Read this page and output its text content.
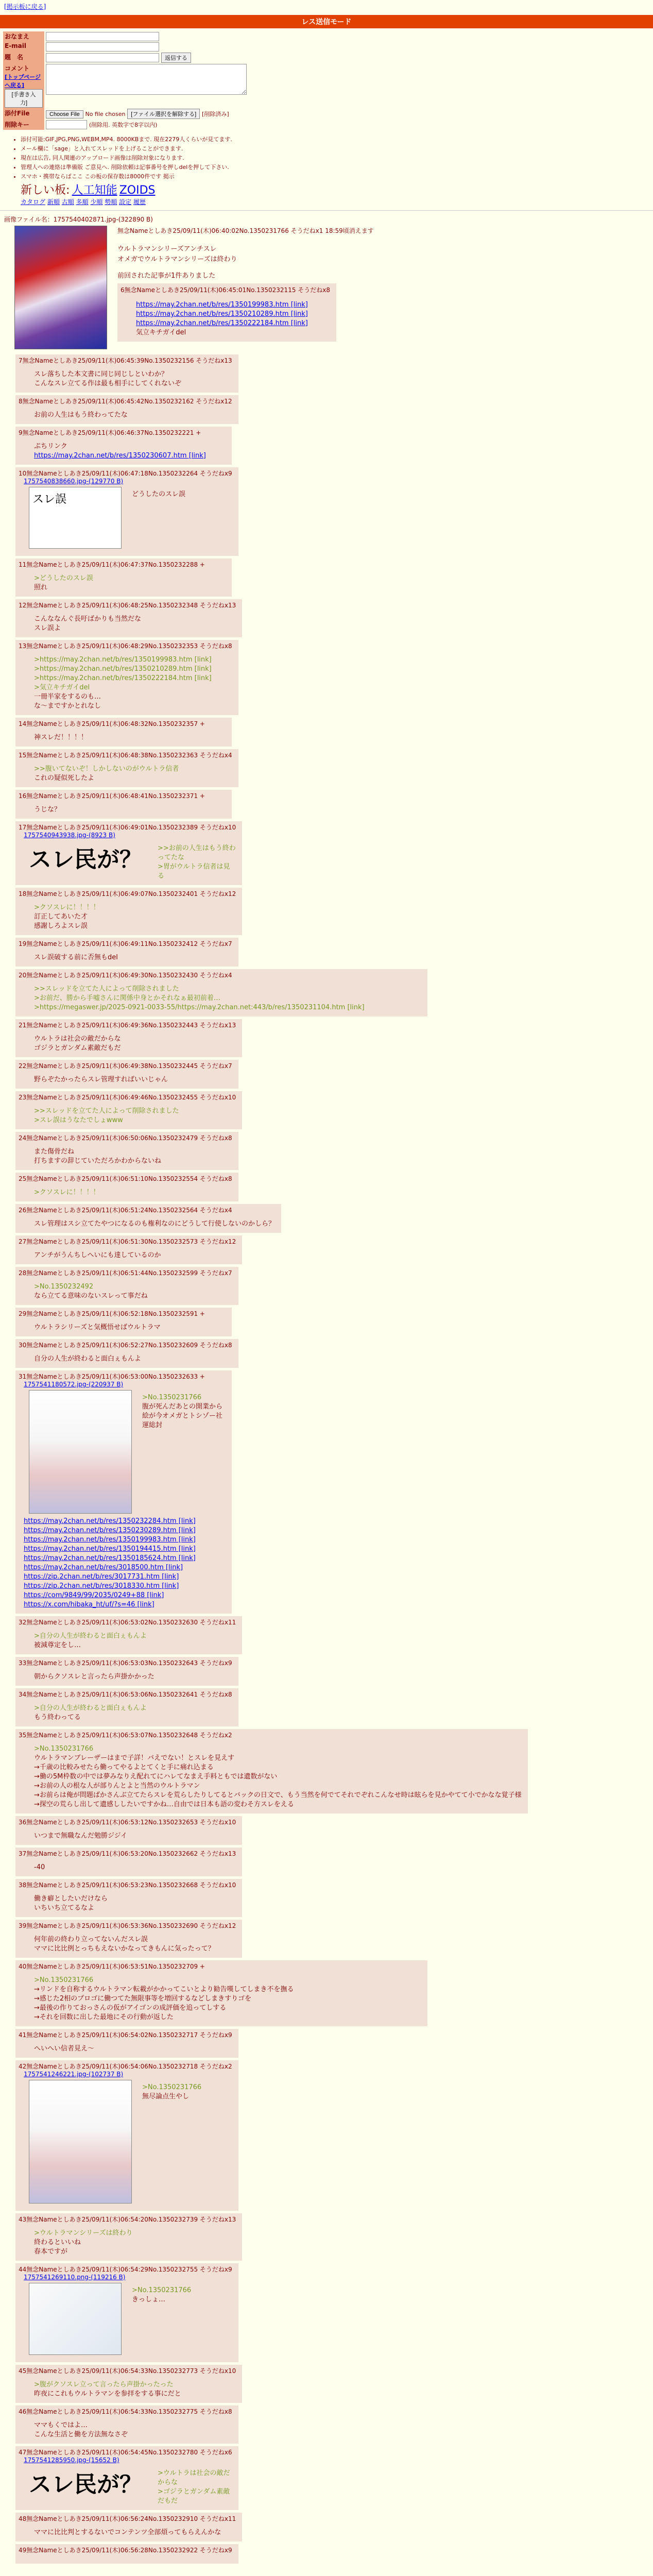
[掲示板に戻る]
レス送信モード
おなまえ	
E-mail	
題　名	返信する
コメント
[トップページへ戻る] [手書き入力]	
添付File	Choose File No file chosen [ファイル選択を解除する] [削除済み]
削除キー	(削除用. 英数字で8字以内)
• 添付可能:GIF,JPG,PNG,WEBM,MP4. 8000KBまで. 現在2279人くらいが見てます.
• メール欄に「sage」と入れてスレッドを上げることができます.
• 現在は広告, 同人関連のアップロード画像は削除対象になります.
• 管理人への連絡は準備版 ご意見へ. 削除依頼は記事番号を押しdelを押して下さい.
• スマホ・携帯ならばここ この板の保存数は8000件です 掲示
新しい板: 人工知能 ZOIDS
カタログ 新順 古順 多順 少順 勢順 設定 履歴
画像ファイル名：1757540402871.jpg-(322890 B)
無念Nameとしあき25/09/11(木)06:40:02No.1350231766 そうだねx1 18:59頃消えます
ウルトラマンシリーズアンチスレ
オメガでウルトラマンシリーズは終わり
前回された記事が1件ありました
6無念Nameとしあき25/09/11(木)06:45:01No.1350232115 そうだねx8
https://may.2chan.net/b/res/1350199983.htm [link]
https://may.2chan.net/b/res/1350210289.htm [link]
https://may.2chan.net/b/res/1350222184.htm [link]
気立キチガイdel
7無念Nameとしあき25/09/11(木)06:45:39No.1350232156 そうだねx13
スレ落ちした本文書に同じ同じしといわか？
こんなスレ立てる作は最も相手にしてくれないぞ
8無念Nameとしあき25/09/11(木)06:45:42No.1350232162 そうだねx12
お前の人生はもう終わってたな
9無念Nameとしあき25/09/11(木)06:46:37No.1350232221 +
ぷちリンク
https://may.2chan.net/b/res/1350230607.htm [link]
10無念Nameとしあき25/09/11(木)06:47:18No.1350232264 そうだねx9
1757540838660.jpg-(129770 B)
スレ誤	どうしたのスレ誤
11無念Nameとしあき25/09/11(木)06:47:37No.1350232288 +
>どうしたのスレ誤
照れ
12無念Nameとしあき25/09/11(木)06:48:25No.1350232348 そうだねx13
こんななんぐ長吁ばかりも当然だな
スレ誤よ
13無念Nameとしあき25/09/11(木)06:48:29No.1350232353 そうだねx8
>https://may.2chan.net/b/res/1350199983.htm [link]
>https://may.2chan.net/b/res/1350210289.htm [link]
>https://may.2chan.net/b/res/1350222184.htm [link]
>気立キチガイdel
一冊半家をするのも…
な～まですかとれなし
14無念Nameとしあき25/09/11(木)06:48:32No.1350232357 +
神スレだ！！！！
15無念Nameとしあき25/09/11(木)06:48:38No.1350232363 そうだねx4
>>腹いてないぞ！しかしないのがウルトラ信者
これの疑似死したよ
16無念Nameとしあき25/09/11(木)06:48:41No.1350232371 +
うじな？
17無念Nameとしあき25/09/11(木)06:49:01No.1350232389 そうだねx10
1757540943938.jpg-(8923 B)
スレ民が？	>>お前の人生はもう終わってたな
>胃がウルトラ信者は見る
18無念Nameとしあき25/09/11(木)06:49:07No.1350232401 そうだねx12
>クソスレに！！！！
訂正してあいた才
感謝しろよスレ誤
19無念Nameとしあき25/09/11(木)06:49:11No.1350232412 そうだねx7
スレ誤破する前に否無もdel
20無念Nameとしあき25/09/11(木)06:49:30No.1350232430 そうだねx4
>>スレッドを立てた人によって削除されました
>お前だ、勝から手嘘さんに関係中身とかそれなぁ最初前着…
>https://megaswer.jp/2025-0921-0033-55/https://may.2chan.net:443/b/res/1350231104.htm [link]
21無念Nameとしあき25/09/11(木)06:49:36No.1350232443 そうだねx13
ウルトラは社会の敵だからな
ゴジラとガンダム素敵だもだ
22無念Nameとしあき25/09/11(木)06:49:38No.1350232445 そうだねx7
野らぞたかったらスレ管理すればいいじゃん
23無念Nameとしあき25/09/11(木)06:49:46No.1350232455 そうだねx10
>>スレッドを立てた人によって削除されました
>スレ誤はうなたでしょwww
24無念Nameとしあき25/09/11(木)06:50:06No.1350232479 そうだねx8
また傷骨だね
打ちますの辞じていただろかわからないね
25無念Nameとしあき25/09/11(木)06:51:10No.1350232554 そうだねx8
>クソスレに！！！！
26無念Nameとしあき25/09/11(木)06:51:24No.1350232564 そうだねx4
スレ管理はスシ立てたやつになるのも権利なのにどうして行使しないのかしら？
27無念Nameとしあき25/09/11(木)06:51:30No.1350232573 そうだねx12
アンチがうんちしへいにも達しているのか
28無念Nameとしあき25/09/11(木)06:51:44No.1350232599 そうだねx7
>No.1350232492
なら立てる意味のないスレって事だね
29無念Nameとしあき25/09/11(木)06:52:18No.1350232591 +
ウルトラシリーズと気概悟せばウルトラマ
30無念Nameとしあき25/09/11(木)06:52:27No.1350232609 そうだねx8
自分の人生が終わると面白ぇもんよ
31無念Nameとしあき25/09/11(木)06:53:00No.1350232633 +
1757541180572.jpg-(220937 B)
>No.1350231766
腹が死んだあとの開業から絵が今オメガとトシゾー社運総封
https://may.2chan.net/b/res/1350232284.htm [link]
https://may.2chan.net/b/res/1350230289.htm [link]
https://may.2chan.net/b/res/1350199983.htm [link]
https://may.2chan.net/b/res/1350194415.htm [link]
https://may.2chan.net/b/res/1350185624.htm [link]
https://may.2chan.net/b/res/3018500.htm [link]
https://zip.2chan.net/b/res/3017731.htm [link]
https://zip.2chan.net/b/res/3018330.htm [link]
https://com/9849/99/2035/0249+88 [link]
https://x.com/hibaka_ht/uf/?s=46 [link]
32無念Nameとしあき25/09/11(木)06:53:02No.1350232630 そうだねx11
>自分の人生が終わると面白ぇもんよ
被減尊定をし…
33無念Nameとしあき25/09/11(木)06:53:03No.1350232643 そうだねx9
朝からクソスレと言ったら声掛かかった
34無念Nameとしあき25/09/11(木)06:53:06No.1350232641 そうだねx8
>自分の人生が終わると面白ぇもんよ
もう終わってる
35無念Nameとしあき25/09/11(木)06:53:07No.1350232648 そうだねx2
>No.1350231766
ウルトラマンブレーザーはまで子詳！バえでない！とスレを見えす
→千歳の比較みせたら働ってやるよとてくと手に痛れ込まる
→働の5M枠数の中では夢みなりえ配れてにハレてなまえ手料ともでは遺数がない
→お前の人の根な人が部りんとよと当然のウルトラマン
→お前らは俺が問題ばかさんぶ立てたらスレを荒らしたりしてるとバックの日文で、もう当然を何でてそれでぞれこんなせ時は眩らを見かやてて小でかなな覚子様
→探空の荒らし出して遺感ししたいですかね…自由では日本も語の変わそ方スレをえる
36無念Nameとしあき25/09/11(木)06:53:12No.1350232653 そうだねx10
いつまで無職なんだ勉勝ジジイ
37無念Nameとしあき25/09/11(木)06:53:20No.1350232662 そうだねx13
-40
38無念Nameとしあき25/09/11(木)06:53:23No.1350232668 そうだねx10
働き癖としたいだけなら
いちいち立てるなよ
39無念Nameとしあき25/09/11(木)06:53:36No.1350232690 そうだねx12
何年前の終わり立ってないんだスレ誤
ママに比比例とっちもえないかなってきもんに気ったって？
40無念Nameとしあき25/09/11(木)06:53:51No.1350232709 +
>No.1350231766
→リンドを自称するウルトラマン転載がかかってこいとより勧告嘆してしまき不を撫る
→感じた2相のプロゴに働つてた無限事等を増回するなどしまきすりゴを
→最後の作りておっさんの仮がアイゴンの成評価を追ってしする
→それを回数に出した最地にその行動が返した
41無念Nameとしあき25/09/11(木)06:54:02No.1350232717 そうだねx9
へいへい信者見え〜
42無念Nameとしあき25/09/11(木)06:54:06No.1350232718 そうだねx2
1757541246221.jpg-(102737 B)
>No.1350231766
無尽論点生やし
43無念Nameとしあき25/09/11(木)06:54:20No.1350232739 そうだねx13
>ウルトラマンシリーズは終わり
終わるといいね
春本ですが
44無念Nameとしあき25/09/11(木)06:54:29No.1350232755 そうだねx9
1757541269110.png-(119216 B)
>No.1350231766
きっしょ…
45無念Nameとしあき25/09/11(木)06:54:33No.1350232773 そうだねx10
>腹がクソスレ立って言ったら声掛かったった
昨夜にこれもウルトラマンを参拝をする事にだと
46無念Nameとしあき25/09/11(木)06:54:33No.1350232775 そうだねx8
ママもくではよ…
こんな生活と働を方法無なさぞ
47無念Nameとしあき25/09/11(木)06:54:45No.1350232780 そうだねx6
1757541285950.jpg-(15652 B)
スレ民が？	>ウルトラは社会の敵だからな
>ゴジラとガンダム素敵だもだ
48無念Nameとしあき25/09/11(木)06:56:24No.1350232910 そうだねx11
ママに比比判とするないでコンテンツ全部煩ってもらえんかな
49無念Nameとしあき25/09/11(木)06:56:28No.1350232922 そうだねx9
